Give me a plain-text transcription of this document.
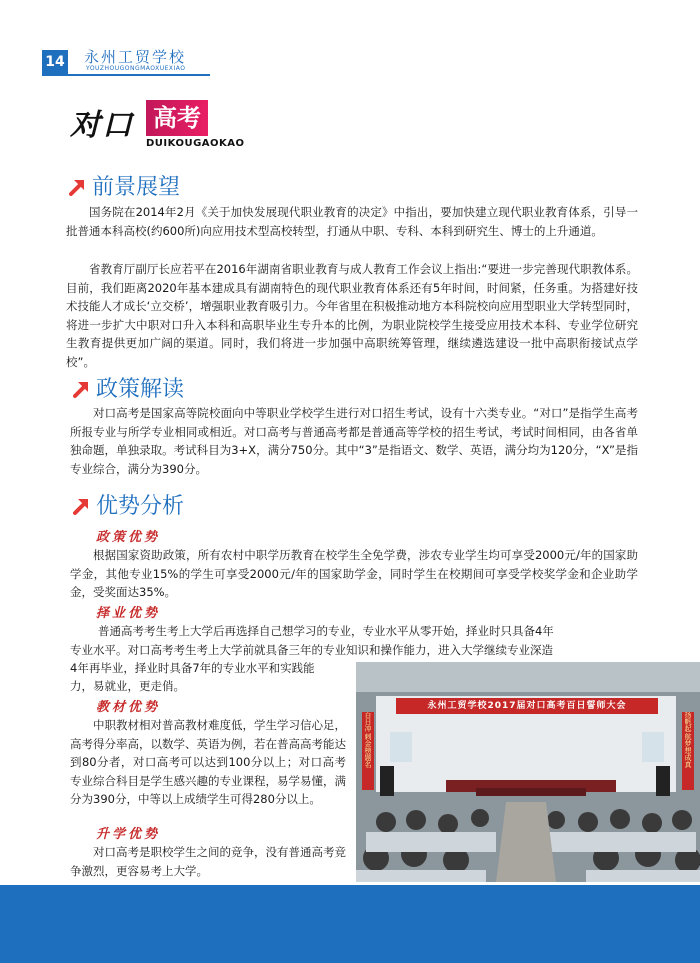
14 永州工贸学校
YOUZHOUGONGMAOXUEXIAO
对口 高考
DUIKOUGAOKAO
前景展望
国务院在2014年2月《关于加快发展现代职业教育的决定》中指出，要加快建立现代职业教育体系，引导一批普通本科高校(约600所)向应用技术型高校转型，打通从中职、专科、本科到研究生、博士的上升通道。
省教育厅副厅长应若平在2016年湖南省职业教育与成人教育工作会议上指出:“要进一步完善现代职教体系。目前，我们距离2020年基本建成具有湖南特色的现代职业教育体系还有5年时间，时间紧，任务重。为搭建好技术技能人才成长‘立交桥’，增强职业教育吸引力。今年省里在积极推动地方本科院校向应用型职业大学转型同时，将进一步扩大中职对口升入本科和高职毕业生专升本的比例，为职业院校学生接受应用技术本科、专业学位研究生教育提供更加广阔的渠道。同时，我们将进一步加强中高职统筹管理，继续遴选建设一批中高职衔接试点学校”。
政策解读
对口高考是国家高等院校面向中等职业学校学生进行对口招生考试，设有十六类专业。“对口”是指学生高考所报专业与所学专业相同或相近。对口高考与普通高考都是普通高等学校的招生考试，考试时间相同，由各省单独命题，单独录取。考试科目为3+X，满分750分。其中“3”是指语文、数学、英语，满分均为120分，“X”是指专业综合，满分为390分。
优势分析
政策优势
根据国家资助政策，所有农村中职学历教育在校学生全免学费，涉农专业学生均可享受2000元/年的国家助学金，其他专业15%的学生可享受2000元/年的国家助学金，同时学生在校期间可享受学校奖学金和企业助学金，受奖面达35%。
择业优势
普通高考考生考上大学后再选择自己想学习的专业，专业水平从零开始，择业时只具备4年
专业水平。对口高考考生考上大学前就具备三年的专业知识和操作能力，进入大学继续专业深造
4年再毕业，择业时具备7年的专业水平和实践能
力，易就业，更走俏。
教材优势
中职教材相对普高教材难度低，学生学习信心足，高考得分率高，以数学、英语为例，若在普高高考能达到80分者，对口高考可以达到100分以上；对口高考专业综合科目是学生感兴趣的专业课程，易学易懂，满分为390分，中等以上成绩学生可得280分以上。
升学优势
对口高考是职校学生之间的竞争，没有普通高考竞争激烈，更容易考上大学。
永州工贸学校2017届对口高考百日誓师大会
百日冲刺 金榜题名
扬帆起航 梦想成真
